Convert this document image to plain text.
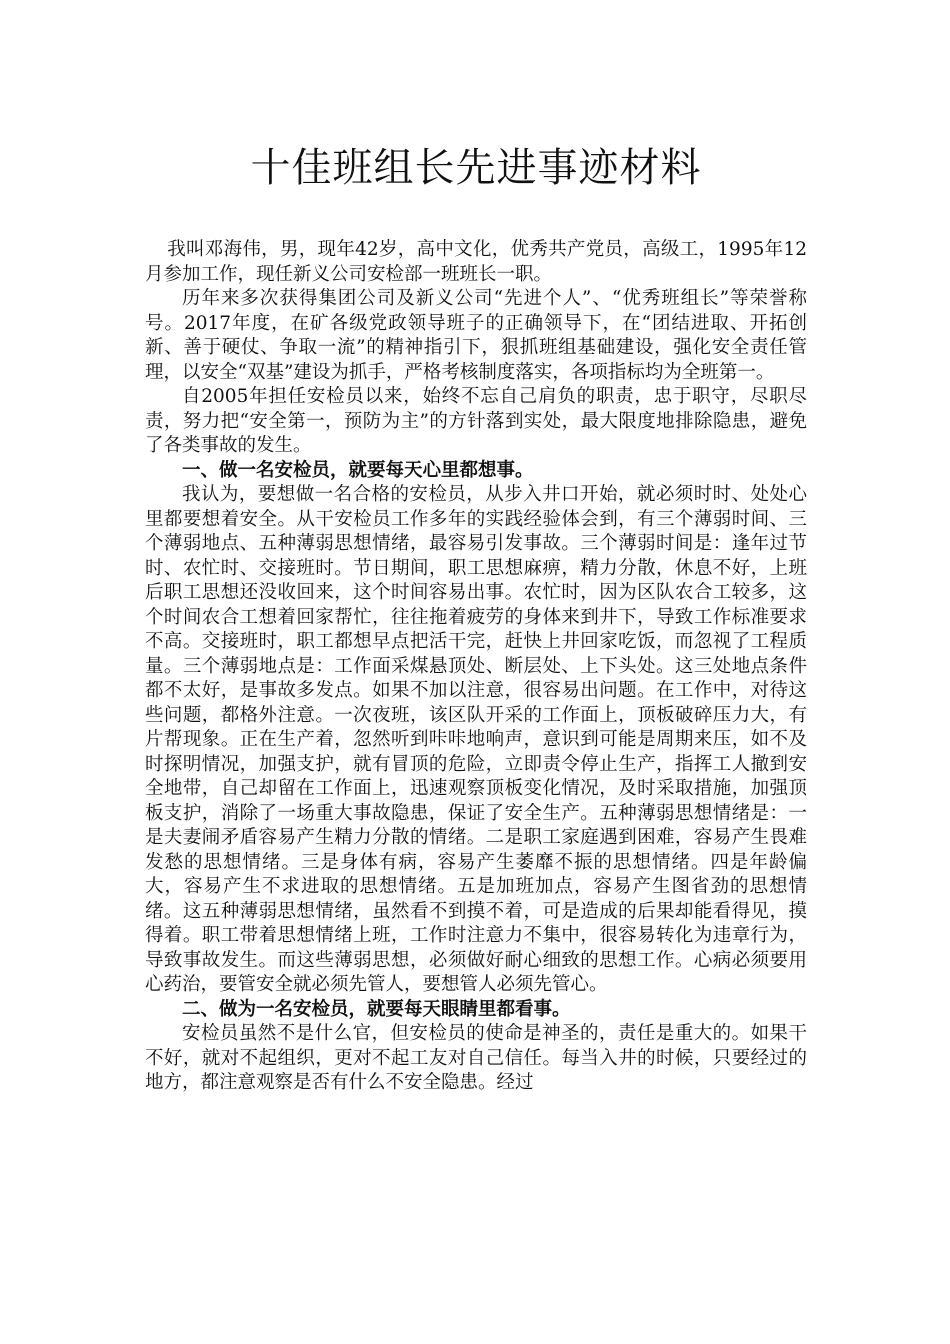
十佳班组长先进事迹材料

我叫邓海伟，男，现年42岁，高中文化，优秀共产党员，高级工，1995年12月参加工作，现任新义公司安检部一班班长一职。

历年来多次获得集团公司及新义公司“先进个人”、“优秀班组长”等荣誉称号。2017年度，在矿各级党政领导班子的正确领导下，在“团结进取、开拓创新、善于硬仗、争取一流”的精神指引下，狠抓班组基础建设，强化安全责任管理，以安全“双基”建设为抓手，严格考核制度落实，各项指标均为全班第一。

自2005年担任安检员以来，始终不忘自己肩负的职责，忠于职守，尽职尽责，努力把“安全第一，预防为主”的方针落到实处，最大限度地排除隐患，避免了各类事故的发生。

一、做一名安检员，就要每天心里都想事。

我认为，要想做一名合格的安检员，从步入井口开始，就必须时时、处处心里都要想着安全。从干安检员工作多年的实践经验体会到，有三个薄弱时间、三个薄弱地点、五种薄弱思想情绪，最容易引发事故。三个薄弱时间是：逢年过节时、农忙时、交接班时。节日期间，职工思想麻痹，精力分散，休息不好，上班后职工思想还没收回来，这个时间容易出事。农忙时，因为区队农合工较多，这个时间农合工想着回家帮忙，往往拖着疲劳的身体来到井下，导致工作标准要求不高。交接班时，职工都想早点把活干完，赶快上井回家吃饭，而忽视了工程质量。三个薄弱地点是：工作面采煤悬顶处、断层处、上下头处。这三处地点条件都不太好，是事故多发点。如果不加以注意，很容易出问题。在工作中，对待这些问题，都格外注意。一次夜班，该区队开采的工作面上，顶板破碎压力大，有片帮现象。正在生产着，忽然听到咔咔地响声，意识到可能是周期来压，如不及时探明情况，加强支护，就有冒顶的危险，立即责令停止生产，指挥工人撤到安全地带，自己却留在工作面上，迅速观察顶板变化情况，及时采取措施，加强顶板支护，消除了一场重大事故隐患，保证了安全生产。五种薄弱思想情绪是：一是夫妻闹矛盾容易产生精力分散的情绪。二是职工家庭遇到困难，容易产生畏难发愁的思想情绪。三是身体有病，容易产生萎靡不振的思想情绪。四是年龄偏大，容易产生不求进取的思想情绪。五是加班加点，容易产生图省劲的思想情绪。这五种薄弱思想情绪，虽然看不到摸不着，可是造成的后果却能看得见，摸得着。职工带着思想情绪上班，工作时注意力不集中，很容易转化为违章行为，导致事故发生。而这些薄弱思想，必须做好耐心细致的思想工作。心病必须要用心药治，要管安全就必须先管人，要想管人必须先管心。

二、做为一名安检员，就要每天眼睛里都看事。

安检员虽然不是什么官，但安检员的使命是神圣的，责任是重大的。如果干不好，就对不起组织，更对不起工友对自己信任。每当入井的时候，只要经过的地方，都注意观察是否有什么不安全隐患。经过
